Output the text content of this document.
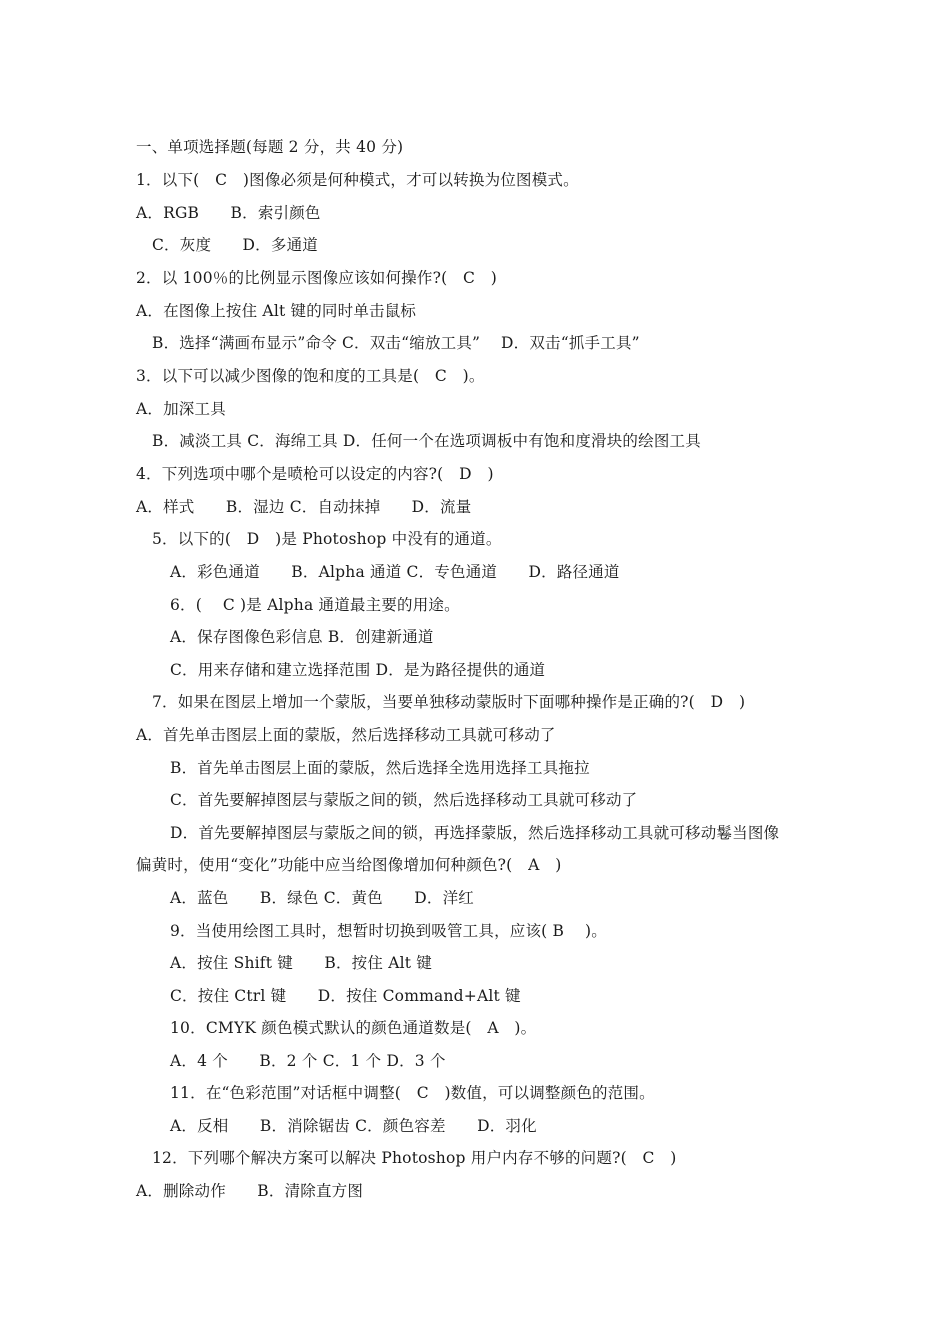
一、单项选择题(每题 2 分，共 40 分)
1．以下(　C　)图像必须是何种模式，才可以转换为位图模式。
A．RGB　　B．索引颜色
C．灰度　　D．多通道
2．以 100％的比例显示图像应该如何操作?(　C　)
A．在图像上按住 Alt 键的同时单击鼠标
B．选择“满画布显示”命令 C．双击“缩放工具”　 D．双击“抓手工具”
3．以下可以减少图像的饱和度的工具是(　C　)。
A．加深工具
B．减淡工具 C．海绵工具 D．任何一个在选项调板中有饱和度滑块的绘图工具
4．下列选项中哪个是喷枪可以设定的内容?(　D　)
A．样式　　B．湿边 C．自动抹掉　　D．流量
5．以下的(　D　)是 Photoshop 中没有的通道。
A．彩色通道　　B．Alpha 通道 C．专色通道　　D．路径通道
6．(　 C )是 Alpha 通道最主要的用途。
A．保存图像色彩信息 B．创建新通道
C．用来存储和建立选择范围 D．是为路径提供的通道
7．如果在图层上增加一个蒙版，当要单独移动蒙版时下面哪种操作是正确的?(　D　)
A．首先单击图层上面的蒙版，然后选择移动工具就可移动了
B．首先单击图层上面的蒙版，然后选择全选用选择工具拖拉
C．首先要解掉图层与蒙版之间的锁，然后选择移动工具就可移动了
D．首先要解掉图层与蒙版之间的锁，再选择蒙版，然后选择移动工具就可移动鬈当图像
偏黄时，使用“变化”功能中应当给图像增加何种颜色?(　A　)
A．蓝色　　B．绿色 C．黄色　　D．洋红
9．当使用绘图工具时，想暂时切换到吸管工具，应该( B　 )。
A．按住 Shift 键　　B．按住 Alt 键
C．按住 Ctrl 键　　D．按住 Command+Alt 键
10．CMYK 颜色模式默认的颜色通道数是(　A　)。
A．4 个　　B．2 个 C．1 个 D．3 个
11．在“色彩范围”对话框中调整(　C　)数值，可以调整颜色的范围。
A．反相　　B．消除锯齿 C．颜色容差　　D．羽化
12．下列哪个解决方案可以解决 Photoshop 用户内存不够的问题?(　C　)
A．删除动作　　B．清除直方图
